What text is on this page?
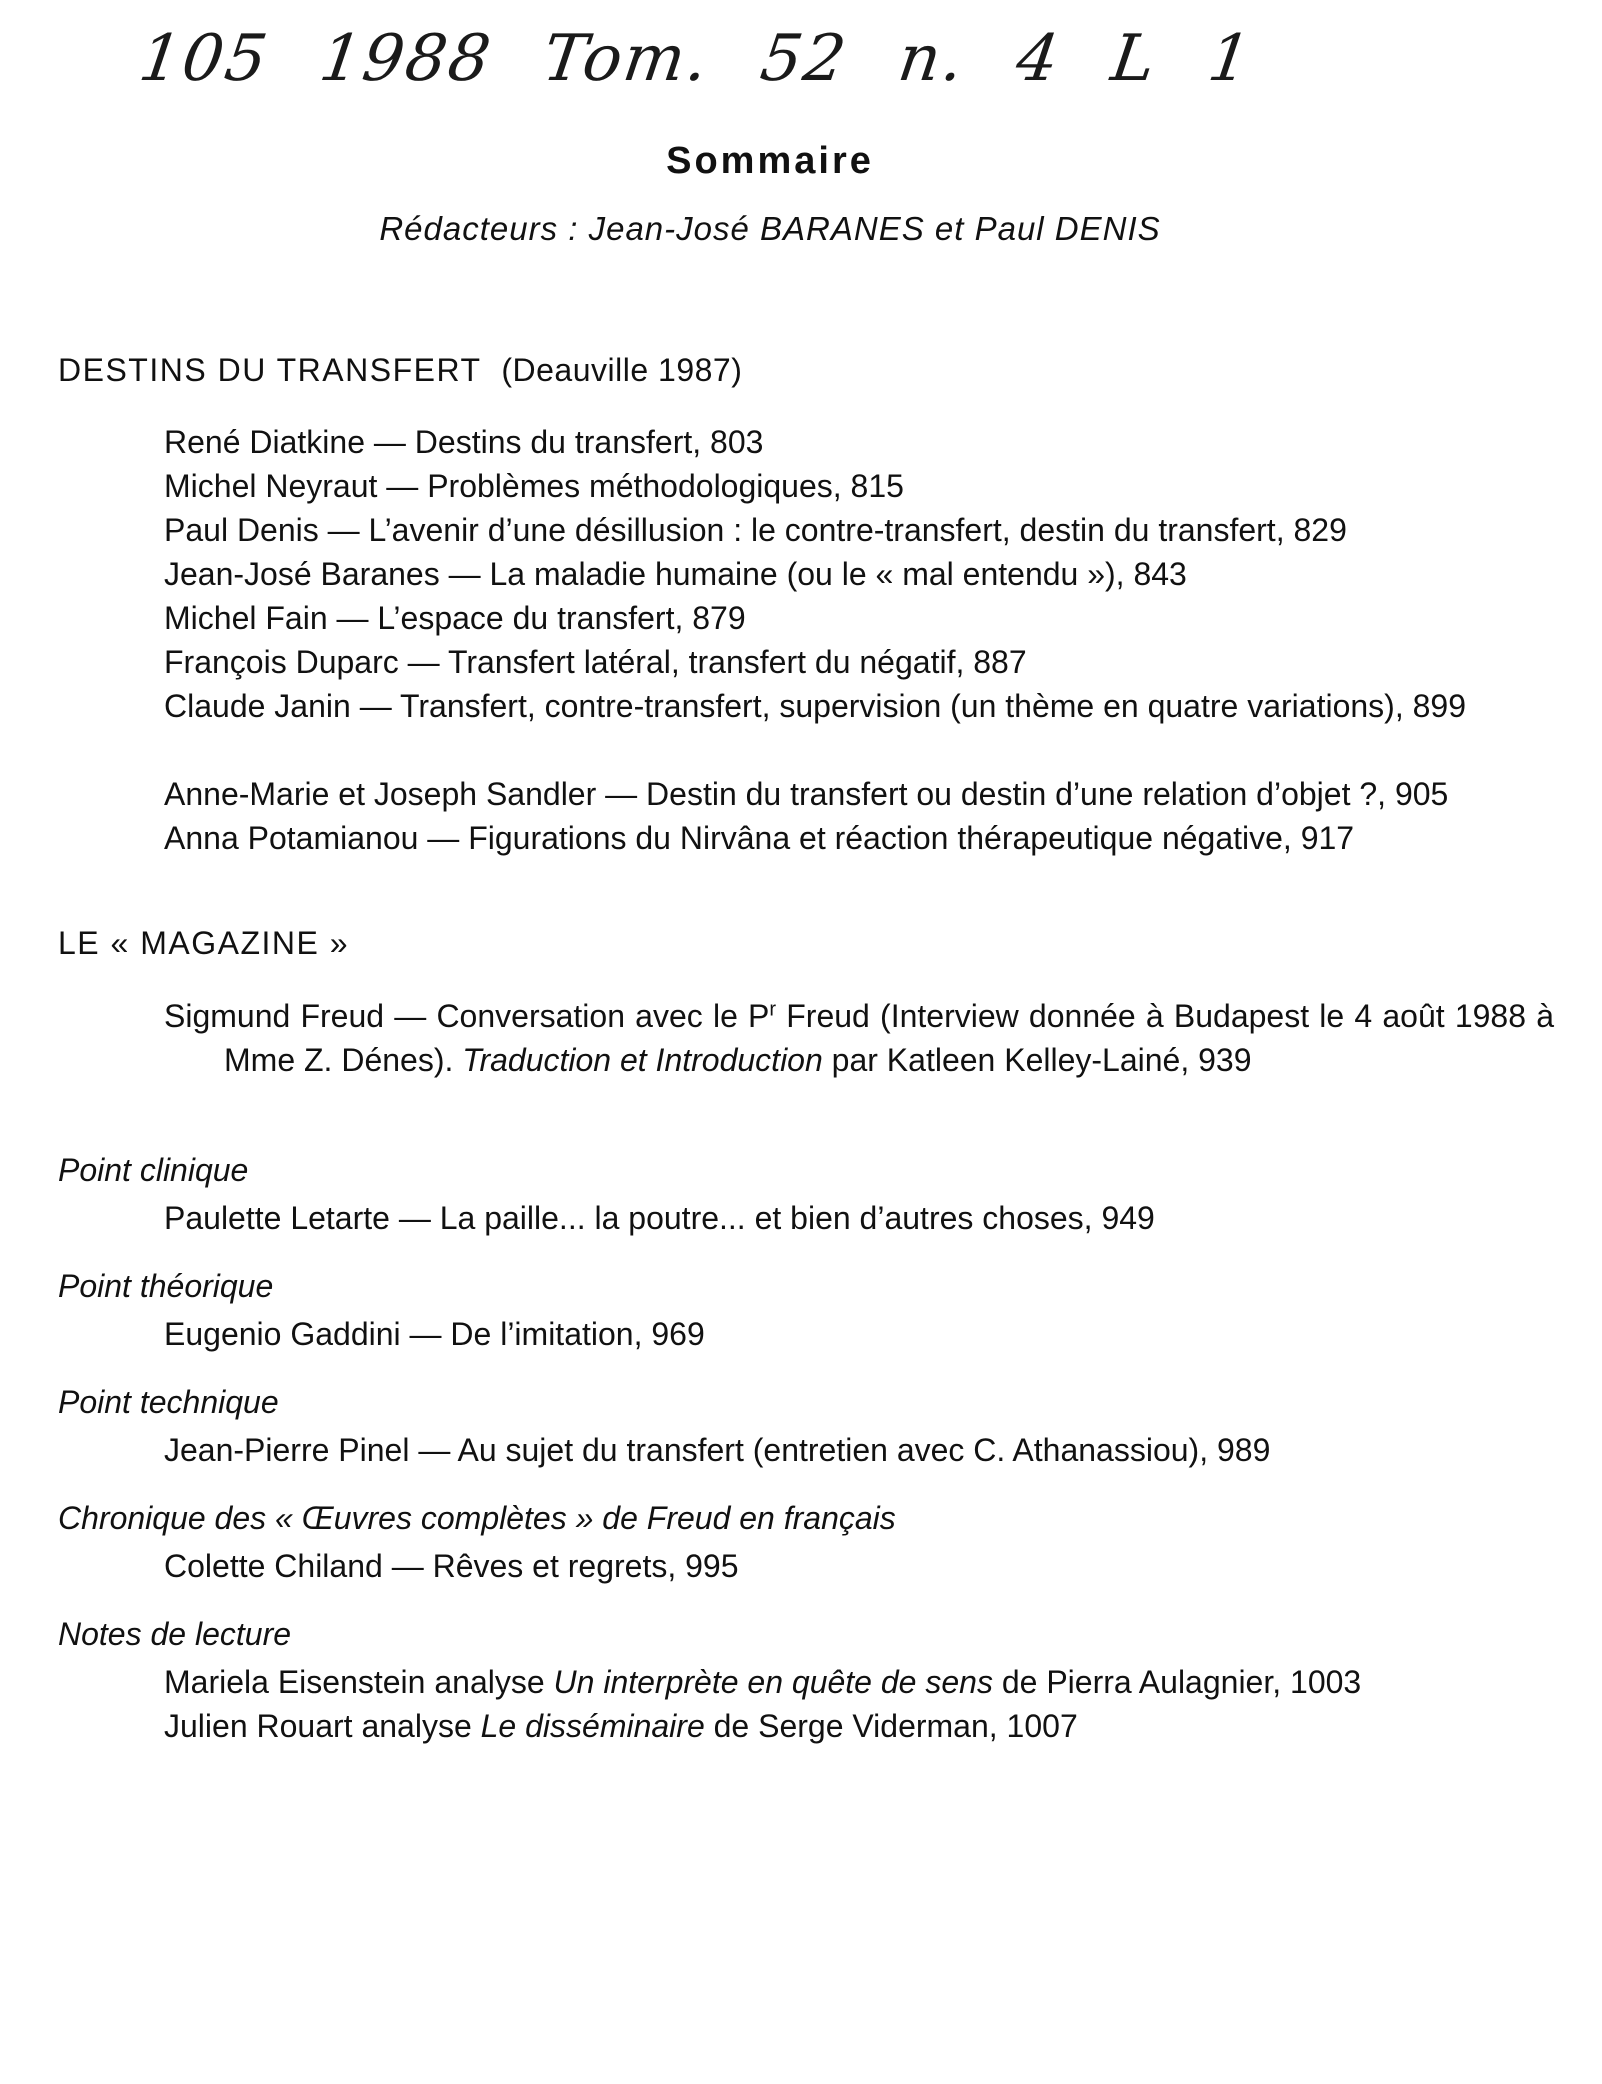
105 1988 Tom. 52 n. 4 L 1
Sommaire
Rédacteurs : Jean-José BARANES et Paul DENIS
DESTINS DU TRANSFERT (Deauville 1987)
René Diatkine — Destins du transfert, 803
Michel Neyraut — Problèmes méthodologiques, 815
Paul Denis — L’avenir d’une désillusion : le contre-transfert, destin du transfert, 829
Jean-José Baranes — La maladie humaine (ou le « mal entendu »), 843
Michel Fain — L’espace du transfert, 879
François Duparc — Transfert latéral, transfert du négatif, 887
Claude Janin — Transfert, contre-transfert, supervision (un thème en quatre variations), 899
Anne-Marie et Joseph Sandler — Destin du transfert ou destin d’une relation d’objet ?, 905
Anna Potamianou — Figurations du Nirvâna et réaction thérapeutique négative, 917
LE « MAGAZINE »
Sigmund Freud — Conversation avec le $P^r$ Freud (Interview donnée à Budapest le 4 août 1988 à Mme Z. Dénes). Traduction et Introduction par Katleen Kelley-Lainé, 939
Point clinique
Paulette Letarte — La paille... la poutre... et bien d’autres choses, 949
Point théorique
Eugenio Gaddini — De l’imitation, 969
Point technique
Jean-Pierre Pinel — Au sujet du transfert (entretien avec C. Athanassiou), 989
Chronique des « Œuvres complètes » de Freud en français
Colette Chiland — Rêves et regrets, 995
Notes de lecture
Mariela Eisenstein analyse Un interprète en quête de sens de Pierra Aulagnier, 1003
Julien Rouart analyse Le disséminaire de Serge Viderman, 1007
